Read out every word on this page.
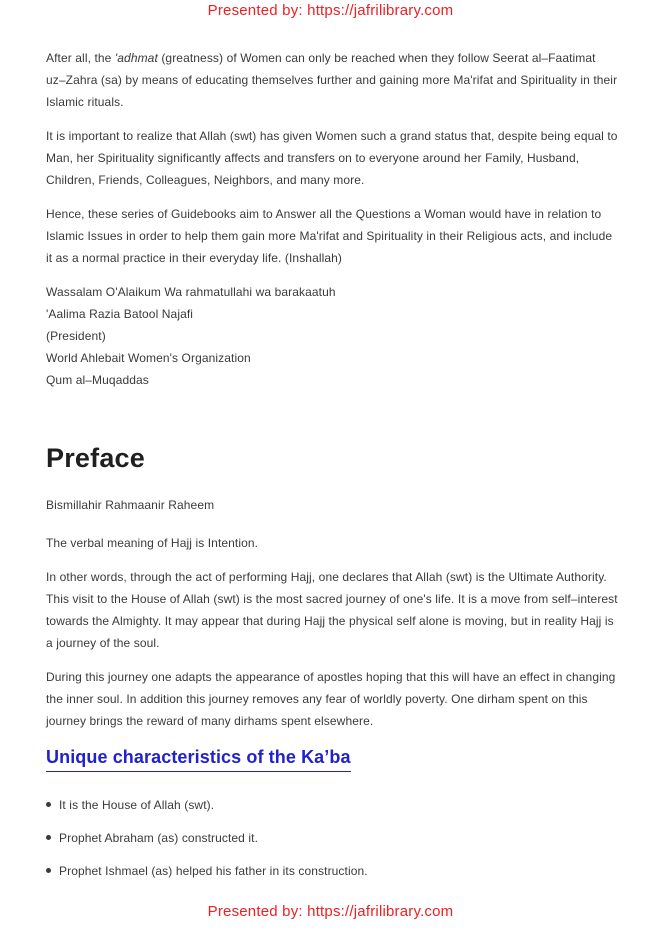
Presented by: https://jafrilibrary.com

After all, the 'adhmat (greatness) of Women can only be reached when they follow Seerat al–Faatimat uz–Zahra (sa) by means of educating themselves further and gaining more Ma'rifat and Spirituality in their Islamic rituals.

It is important to realize that Allah (swt) has given Women such a grand status that, despite being equal to Man, her Spirituality significantly affects and transfers on to everyone around her Family, Husband, Children, Friends, Colleagues, Neighbors, and many more.

Hence, these series of Guidebooks aim to Answer all the Questions a Woman would have in relation to Islamic Issues in order to help them gain more Ma'rifat and Spirituality in their Religious acts, and include it as a normal practice in their everyday life. (Inshallah)

Wassalam O'Alaikum Wa rahmatullahi wa barakaatuh
'Aalima Razia Batool Najafi
(President)
World Ahlebait Women's Organization
Qum al–Muqaddas
Preface

Bismillahir Rahmaanir Raheem

The verbal meaning of Hajj is Intention.

In other words, through the act of performing Hajj, one declares that Allah (swt) is the Ultimate Authority. This visit to the House of Allah (swt) is the most sacred journey of one's life. It is a move from self–interest towards the Almighty. It may appear that during Hajj the physical self alone is moving, but in reality Hajj is a journey of the soul.

During this journey one adapts the appearance of apostles hoping that this will have an effect in changing the inner soul. In addition this journey removes any fear of worldly poverty. One dirham spent on this journey brings the reward of many dirhams spent elsewhere.

Unique characteristics of the Ka’ba
It is the House of Allah (swt).
Prophet Abraham (as) constructed it.
Prophet Ishmael (as) helped his father in its construction.
Presented by: https://jafrilibrary.com
